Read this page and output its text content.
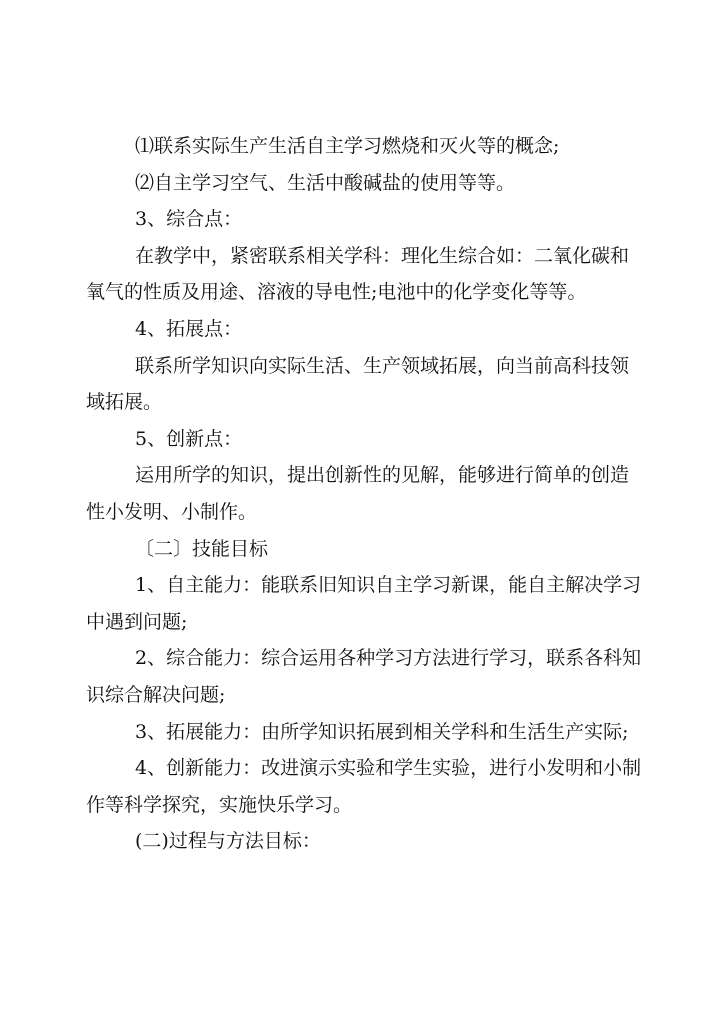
⑴联系实际生产生活自主学习燃烧和灭火等的概念;
⑵自主学习空气、生活中酸碱盐的使用等等。
3、综合点：
在教学中，紧密联系相关学科：理化生综合如：二氧化碳和
氧气的性质及用途、溶液的导电性;电池中的化学变化等等。
4、拓展点：
联系所学知识向实际生活、生产领域拓展，向当前高科技领
域拓展。
5、创新点：
运用所学的知识，提出创新性的见解，能够进行简单的创造
性小发明、小制作。
〔二〕技能目标
1、自主能力：能联系旧知识自主学习新课，能自主解决学习
中遇到问题;
2、综合能力：综合运用各种学习方法进行学习，联系各科知
识综合解决问题;
3、拓展能力：由所学知识拓展到相关学科和生活生产实际;
4、创新能力：改进演示实验和学生实验，进行小发明和小制
作等科学探究，实施快乐学习。
(二)过程与方法目标：
